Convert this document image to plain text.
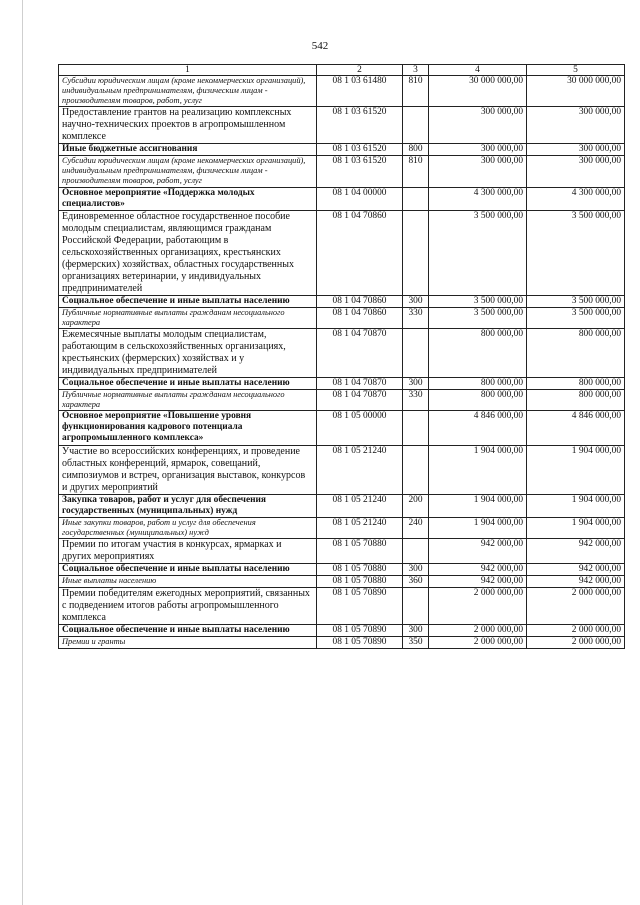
542
1	2	3	4	5
Субсидии юридическим лицам (кроме некоммерческих организаций), индивидуальным предпринимателям, физическим лицам - производителям товаров, работ, услуг	08 1 03 61480	810	30 000 000,00	30 000 000,00
Предоставление грантов на реализацию комплексных научно-технических проектов в агропромышленном комплексе	08 1 03 61520		300 000,00	300 000,00
Иные бюджетные ассигнования	08 1 03 61520	800	300 000,00	300 000,00
Субсидии юридическим лицам (кроме некоммерческих организаций), индивидуальным предпринимателям, физическим лицам - производителям товаров, работ, услуг	08 1 03 61520	810	300 000,00	300 000,00
Основное мероприятие «Поддержка молодых специалистов»	08 1 04 00000		4 300 000,00	4 300 000,00
Единовременное областное государственное пособие молодым специалистам, являющимся гражданам Российской Федерации, работающим в сельскохозяйственных организациях, крестьянских (фермерских) хозяйствах, областных государственных организациях ветеринарии, у индивидуальных предпринимателей	08 1 04 70860		3 500 000,00	3 500 000,00
Социальное обеспечение и иные выплаты населению	08 1 04 70860	300	3 500 000,00	3 500 000,00
Публичные нормативные выплаты гражданам несоциального характера	08 1 04 70860	330	3 500 000,00	3 500 000,00
Ежемесячные выплаты молодым специалистам, работающим в сельскохозяйственных организациях, крестьянских (фермерских) хозяйствах и у индивидуальных предпринимателей	08 1 04 70870		800 000,00	800 000,00
Социальное обеспечение и иные выплаты населению	08 1 04 70870	300	800 000,00	800 000,00
Публичные нормативные выплаты гражданам несоциального характера	08 1 04 70870	330	800 000,00	800 000,00
Основное мероприятие «Повышение уровня функционирования кадрового потенциала агропромышленного комплекса»	08 1 05 00000		4 846 000,00	4 846 000,00
Участие во всероссийских конференциях, и проведение областных конференций, ярмарок, совещаний, симпозиумов и встреч, организация выставок, конкурсов и других мероприятий	08 1 05 21240		1 904 000,00	1 904 000,00
Закупка товаров, работ и услуг для обеспечения государственных (муниципальных) нужд	08 1 05 21240	200	1 904 000,00	1 904 000,00
Иные закупки товаров, работ и услуг для обеспечения государственных (муниципальных) нужд	08 1 05 21240	240	1 904 000,00	1 904 000,00
Премии по итогам участия в конкурсах, ярмарках и других мероприятиях	08 1 05 70880		942 000,00	942 000,00
Социальное обеспечение и иные выплаты населению	08 1 05 70880	300	942 000,00	942 000,00
Иные выплаты населению	08 1 05 70880	360	942 000,00	942 000,00
Премии победителям ежегодных мероприятий, связанных с подведением итогов работы агропромышленного комплекса	08 1 05 70890		2 000 000,00	2 000 000,00
Социальное обеспечение и иные выплаты населению	08 1 05 70890	300	2 000 000,00	2 000 000,00
Премии и гранты	08 1 05 70890	350	2 000 000,00	2 000 000,00
